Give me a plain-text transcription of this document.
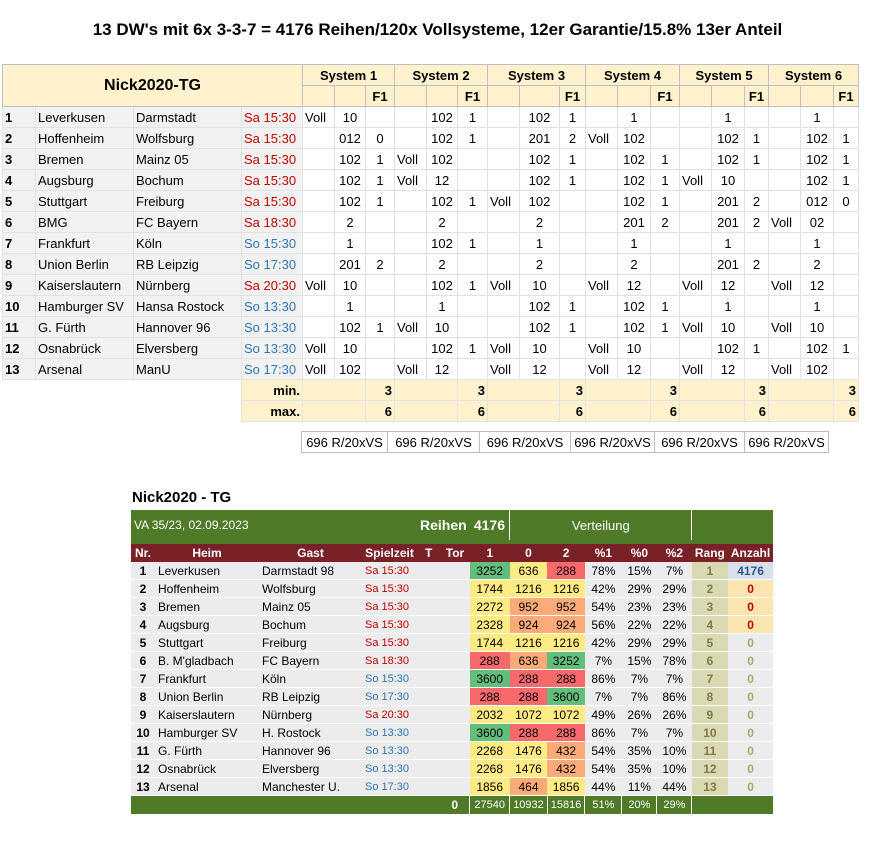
13 DW's mit 6x 3-3-7 = 4176 Reihen/120x Vollsysteme, 12er Garantie/15.8% 13er Anteil
Nick2020-TG				System 1			System 2			System 3			System 4			System 5			System 6		
						F1			F1			F1			F1			F1			F1
1	Leverkusen	Darmstadt	Sa 15:30	Voll	10			102	1		102	1		1			1			1	
2	Hoffenheim	Wolfsburg	Sa 15:30		012	0		102	1		201	2	Voll	102			102	1		102	1
3	Bremen	Mainz 05	Sa 15:30		102	1	Voll	102			102	1		102	1		102	1		102	1
4	Augsburg	Bochum	Sa 15:30		102	1	Voll	12			102	1		102	1	Voll	10			102	1
5	Stuttgart	Freiburg	Sa 15:30		102	1		102	1	Voll	102			102	1		201	2		012	0
6	BMG	FC Bayern	Sa 18:30		2			2			2			201	2		201	2	Voll	02	
7	Frankfurt	Köln	So 15:30		1			102	1		1			1			1			1	
8	Union Berlin	RB Leipzig	So 17:30		201	2		2			2			2			201	2		2	
9	Kaiserslautern	Nürnberg	Sa 20:30	Voll	10			102	1	Voll	10		Voll	12		Voll	12		Voll	12	
10	Hamburger SV	Hansa Rostock	So 13:30		1			1			102	1		102	1		1			1	
11	G. Fürth	Hannover 96	So 13:30		102	1	Voll	10			102	1		102	1	Voll	10		Voll	10	
12	Osnabrück	Elversberg	So 13:30	Voll	10			102	1	Voll	10		Voll	10			102	1		102	1
13	Arsenal	ManU	So 17:30	Voll	102		Voll	12		Voll	12		Voll	12		Voll	12		Voll	102	
			min.			3			3			3			3			3			3
			max.			6			6			6			6			6			6
696 R/20xVS	696 R/20xVS	696 R/20xVS	696 R/20xVS	696 R/20xVS	696 R/20xVS
Nick2020 - TG
VA 35/23, 02.09.2023				Reihen		4176	Verteilung						

Nr.	Heim	Gast	Spielzeit	T	Tor	1	0	2	%1	%0	%2	Rang	Anzahl
1	Leverkusen	Darmstadt 98	Sa 15:30			3252	636	288	78%	15%	7%	1	4176
2	Hoffenheim	Wolfsburg	Sa 15:30			1744	1216	1216	42%	29%	29%	2	0
3	Bremen	Mainz 05	Sa 15:30			2272	952	952	54%	23%	23%	3	0
4	Augsburg	Bochum	Sa 15:30			2328	924	924	56%	22%	22%	4	0
5	Stuttgart	Freiburg	Sa 15:30			1744	1216	1216	42%	29%	29%	5	0
6	B. M'gladbach	FC Bayern	Sa 18:30			288	636	3252	7%	15%	78%	6	0
7	Frankfurt	Köln	So 15:30			3600	288	288	86%	7%	7%	7	0
8	Union Berlin	RB Leipzig	So 17:30			288	288	3600	7%	7%	86%	8	0
9	Kaiserslautern	Nürnberg	Sa 20:30			2032	1072	1072	49%	26%	26%	9	0
10	Hamburger SV	H. Rostock	So 13:30			3600	288	288	86%	7%	7%	10	0
11	G. Fürth	Hannover 96	So 13:30			2268	1476	432	54%	35%	10%	11	0
12	Osnabrück	Elversberg	So 13:30			2268	1476	432	54%	35%	10%	12	0
13	Arsenal	Manchester U.	So 17:30			1856	464	1856	44%	11%	44%	13	0
					0	27540	10932	15816	51%	20%	29%		
